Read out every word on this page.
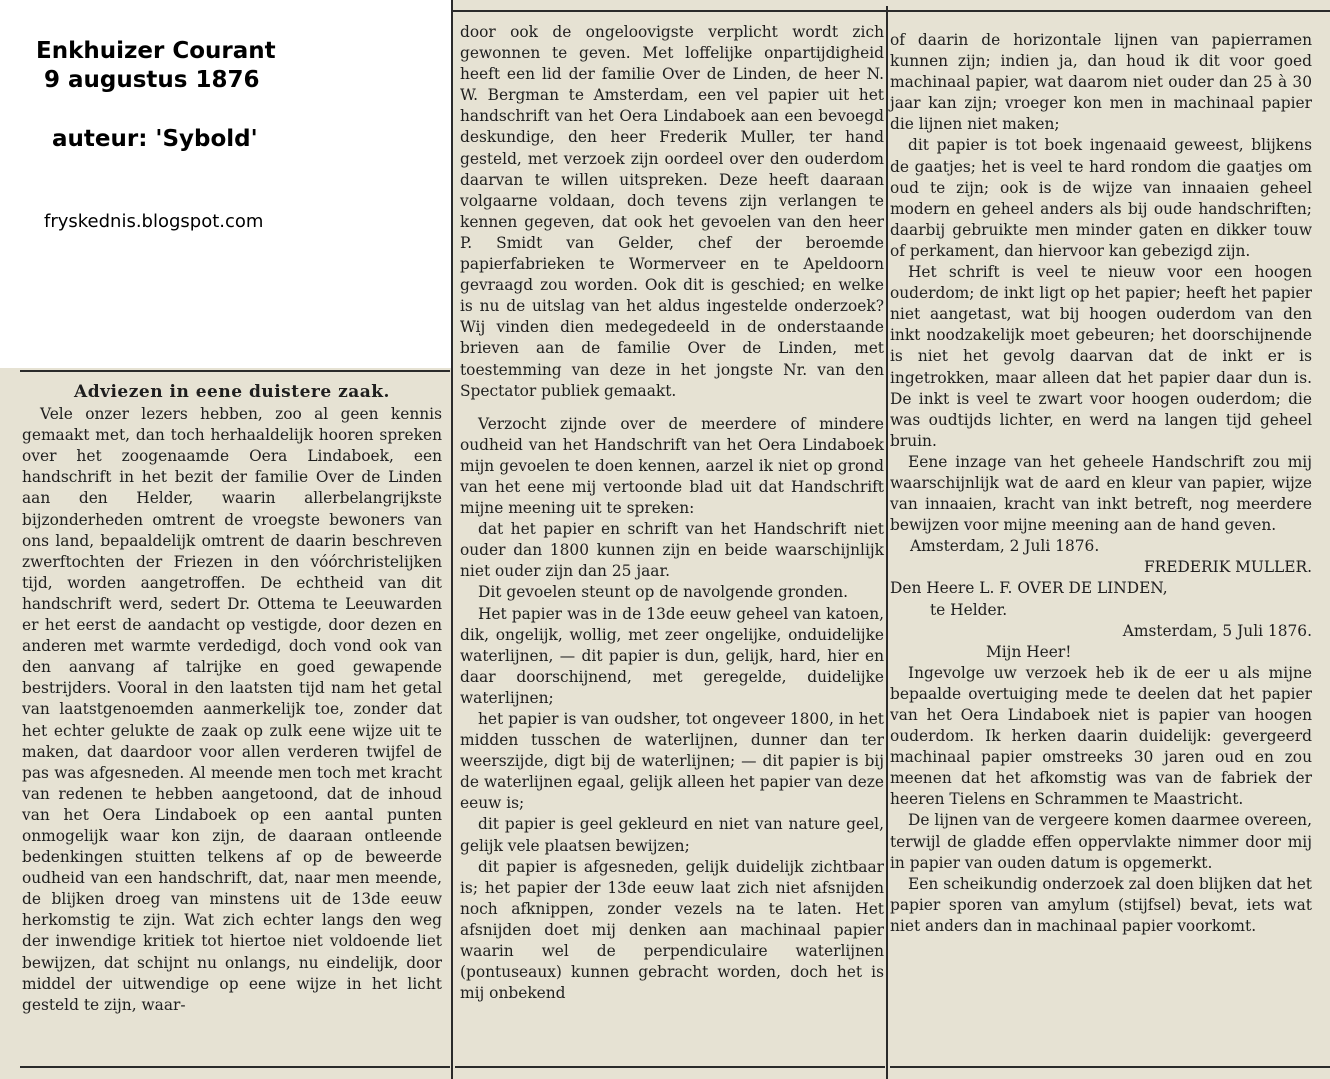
Enkhuizer Courant
9 augustus 1876
auteur: 'Sybold'
fryskednis.blogspot.com
Adviezen in eene duistere zaak.

Vele onzer lezers hebben, zoo al geen kennis gemaakt met, dan toch herhaaldelijk hooren spreken over het zoogenaamde Oera Lindaboek, een handschrift in het bezit der familie Over de Linden aan den Helder, waarin allerbelangrijkste bijzonderheden omtrent de vroegste bewoners van ons land, bepaaldelijk omtrent de daarin beschreven zwerftochten der Friezen in den vóórchristelijken tijd, worden aangetroffen. De echtheid van dit handschrift werd, sedert Dr. Ottema te Leeuwarden er het eerst de aandacht op vestigde, door dezen en anderen met warmte verdedigd, doch vond ook van den aanvang af talrijke en goed gewapende bestrijders. Vooral in den laatsten tijd nam het getal van laatstgenoemden aanmerkelijk toe, zonder dat het echter gelukte de zaak op zulk eene wijze uit te maken, dat daardoor voor allen verderen twijfel de pas was afgesneden. Al meende men toch met kracht van redenen te hebben aangetoond, dat de inhoud van het Oera Lindaboek op een aantal punten onmogelijk waar kon zijn, de daaraan ontleende bedenkingen stuitten telkens af op de beweerde oudheid van een handschrift, dat, naar men meende, de blijken droeg van minstens uit de 13de eeuw herkomstig te zijn. Wat zich echter langs den weg der inwendige kritiek tot hiertoe niet voldoende liet bewijzen, dat schijnt nu onlangs, nu eindelijk, door middel der uitwendige op eene wijze in het licht gesteld te zijn, waar-

door ook de ongeloovigste verplicht wordt zich gewonnen te geven. Met loffelijke onpartijdigheid heeft een lid der familie Over de Linden, de heer N. W. Bergman te Amsterdam, een vel papier uit het handschrift van het Oera Lindaboek aan een bevoegd deskundige, den heer Frederik Muller, ter hand gesteld, met verzoek zijn oordeel over den ouderdom daarvan te willen uitspreken. Deze heeft daaraan volgaarne voldaan, doch tevens zijn verlangen te kennen gegeven, dat ook het gevoelen van den heer P. Smidt van Gelder, chef der beroemde papierfabrieken te Wormerveer en te Apeldoorn gevraagd zou worden. Ook dit is geschied; en welke is nu de uitslag van het aldus ingestelde onderzoek? Wij vinden dien medegedeeld in de onderstaande brieven aan de familie Over de Linden, met toestemming van deze in het jongste Nr. van den Spectator publiek gemaakt.

Verzocht zijnde over de meerdere of mindere oudheid van het Handschrift van het Oera Lindaboek mijn gevoelen te doen kennen, aarzel ik niet op grond van het eene mij vertoonde blad uit dat Handschrift mijne meening uit te spreken:

dat het papier en schrift van het Handschrift niet ouder dan 1800 kunnen zijn en beide waarschijnlijk niet ouder zijn dan 25 jaar.

Dit gevoelen steunt op de navolgende gronden.

Het papier was in de 13de eeuw geheel van katoen, dik, ongelijk, wollig, met zeer ongelijke, onduidelijke waterlijnen, — dit papier is dun, gelijk, hard, hier en daar doorschijnend, met geregelde, duidelijke waterlijnen;

het papier is van oudsher, tot ongeveer 1800, in het midden tusschen de waterlijnen, dunner dan ter weerszijde, digt bij de waterlijnen; — dit papier is bij de waterlijnen egaal, gelijk alleen het papier van deze eeuw is;

dit papier is geel gekleurd en niet van nature geel, gelijk vele plaatsen bewijzen;

dit papier is afgesneden, gelijk duidelijk zichtbaar is; het papier der 13de eeuw laat zich niet afsnijden noch afknippen, zonder vezels na te laten. Het afsnijden doet mij denken aan machinaal papier waarin wel de perpendiculaire waterlijnen (pontuseaux) kunnen gebracht worden, doch het is mij onbekend

of daarin de horizontale lijnen van papierramen kunnen zijn; indien ja, dan houd ik dit voor goed machinaal papier, wat daarom niet ouder dan 25 à 30 jaar kan zijn; vroeger kon men in machinaal papier die lijnen niet maken;

dit papier is tot boek ingenaaid geweest, blijkens de gaatjes; het is veel te hard rondom die gaatjes om oud te zijn; ook is de wijze van innaaien geheel modern en geheel anders als bij oude handschriften; daarbij gebruikte men minder gaten en dikker touw of perkament, dan hiervoor kan gebezigd zijn.

Het schrift is veel te nieuw voor een hoogen ouderdom; de inkt ligt op het papier; heeft het papier niet aangetast, wat bij hoogen ouderdom van den inkt noodzakelijk moet gebeuren; het doorschijnende is niet het gevolg daarvan dat de inkt er is ingetrokken, maar alleen dat het papier daar dun is. De inkt is veel te zwart voor hoogen ouderdom; die was oudtijds lichter, en werd na langen tijd geheel bruin.

Eene inzage van het geheele Handschrift zou mij waarschijnlijk wat de aard en kleur van papier, wijze van innaaien, kracht van inkt betreft, nog meerdere bewijzen voor mijne meening aan de hand geven.

Amsterdam, 2 Juli 1876.

FREDERIK MULLER.

Den Heere L. F. OVER DE LINDEN,

te Helder.

Amsterdam, 5 Juli 1876.

Mijn Heer!

Ingevolge uw verzoek heb ik de eer u als mijne bepaalde overtuiging mede te deelen dat het papier van het Oera Lindaboek niet is papier van hoogen ouderdom. Ik herken daarin duidelijk: gevergeerd machinaal papier omstreeks 30 jaren oud en zou meenen dat het afkomstig was van de fabriek der heeren Tielens en Schrammen te Maastricht.

De lijnen van de vergeere komen daarmee overeen, terwijl de gladde effen oppervlakte nimmer door mij in papier van ouden datum is opgemerkt.

Een scheikundig onderzoek zal doen blijken dat het papier sporen van amylum (stijfsel) bevat, iets wat niet anders dan in machinaal papier voorkomt.
